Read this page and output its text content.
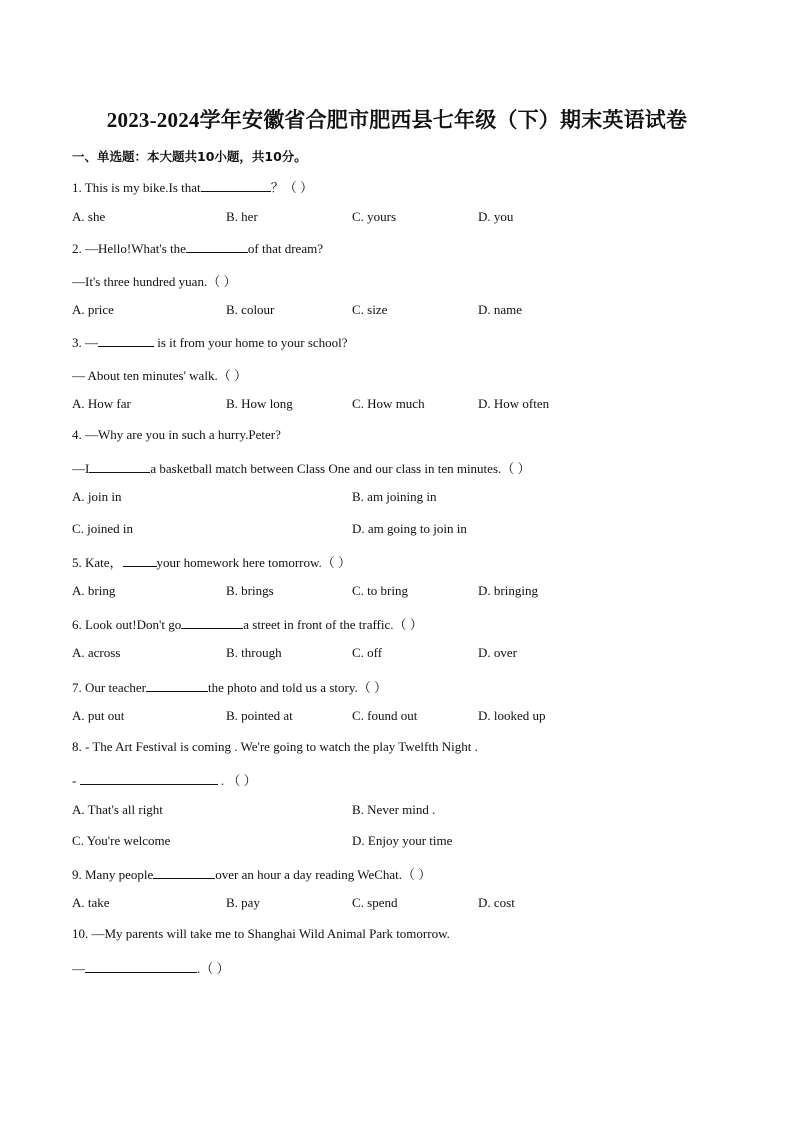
2023-2024学年安徽省合肥市肥西县七年级（下）期末英语试卷
一、单选题：本大题共10小题，共10分。
1. This is my bike.Is that	？（ ）
A. she	B. her	C. yours	D. you
2. —Hello!What's the	of that dream?
—It's three hundred yuan.（ ）
A. price	B. colour	C. size	D. name
3. —	is it from your home to your school?
— About ten minutes' walk.（ ）
A. How far	B. How long	C. How much	D. How often
4. —Why are you in such a hurry.Peter?
—I	a basketball match between Class One and our class in ten minutes.（ ）
A. join in	B. am joining in
C. joined in	D. am going to join in
5. Kate，	your homework here tomorrow.（ ）
A. bring	B. brings	C. to bring	D. bringing
6. Look out!Don't go	a street in front of the traffic.（ ）
A. across	B. through	C. off	D. over
7. Our teacher	the photo and told us a story.（ ）
A. put out	B. pointed at	C. found out	D. looked up
8. - The Art Festival is coming . We're going to watch the play Twelfth Night .
-	. （ ）
A. That's all right	B. Never mind .
C. You're welcome	D. Enjoy your time
9. Many people	over an hour a day reading WeChat.（ ）
A. take	B. pay	C. spend	D. cost
10. —My parents will take me to Shanghai Wild Animal Park tomorrow.
—	.（ ）
